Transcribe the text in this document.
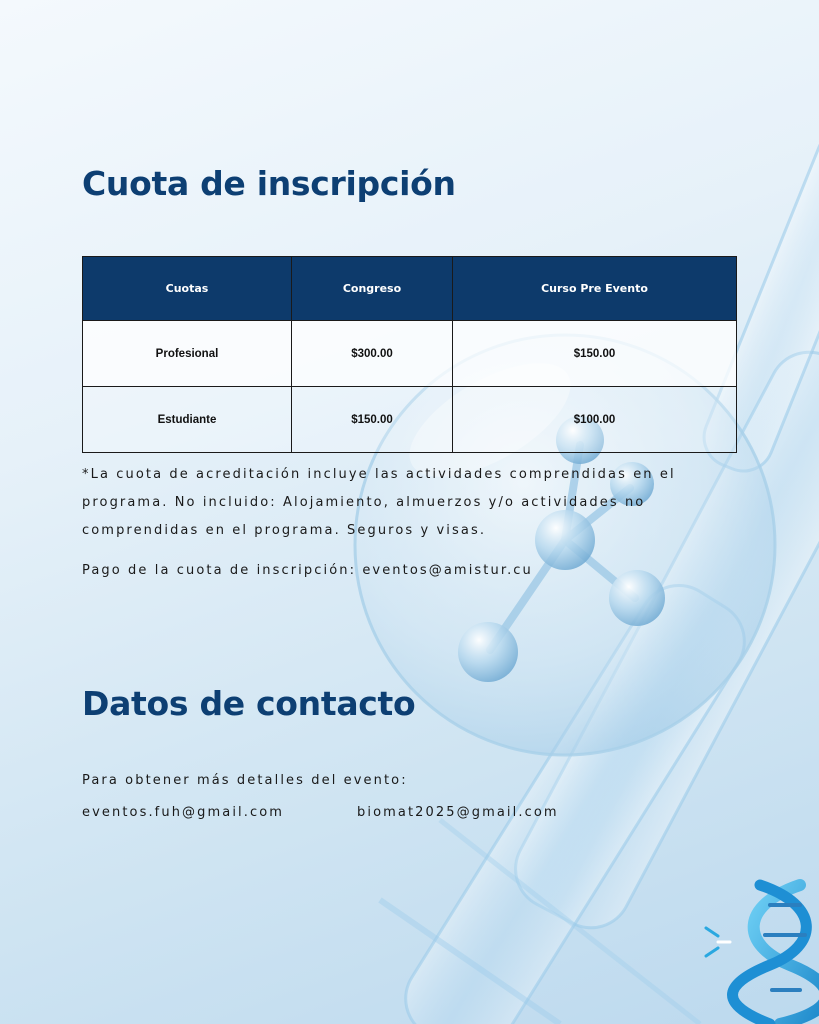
Cuota de inscripción
Cuotas	Congreso	Curso Pre Evento
Profesional	$300.00	$150.00
Estudiante	$150.00	$100.00

*La cuota de acreditación incluye las actividades comprendidas en el

programa. No incluido: Alojamiento, almuerzos y/o actividades no

comprendidas en el programa. Seguros y visas.

Pago de la cuota de inscripción: eventos@amistur.cu

Datos de contacto

Para obtener más detalles del evento:

eventos.fuh@gmail.com	biomat2025@gmail.com
